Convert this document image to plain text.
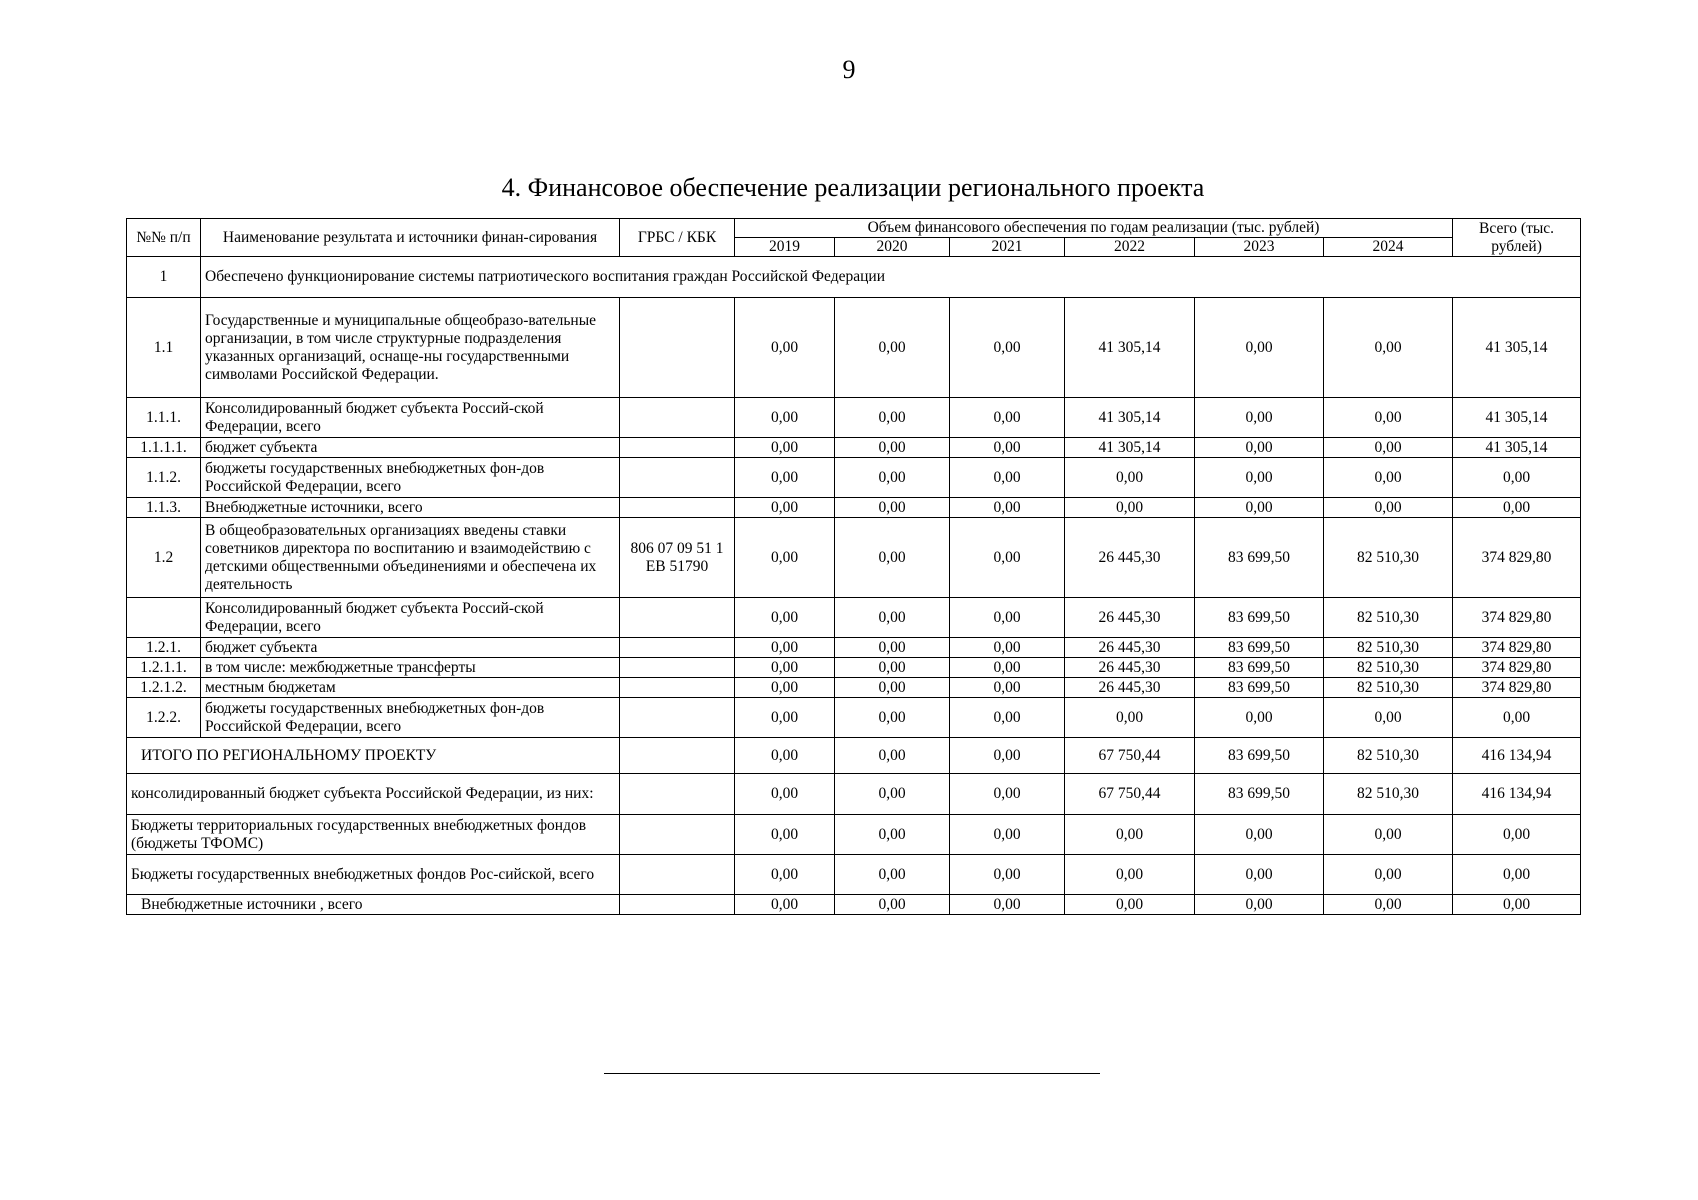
9
4. Финансовое обеспечение реализации регионального проекта
№№ п/п	Наименование результата и источники финан-сирования	ГРБС / КБК	Объем финансового обеспечения по годам реализации (тыс. рублей)						Всего (тыс. рублей)
			2019	2020	2021	2022	2023	2024	
1	Обеспечено функционирование системы патриотического воспитания граждан Российской Федерации								
1.1	Государственные и муниципальные общеобразо-вательные организации, в том числе структурные подразделения указанных организаций, оснаще-ны государственными символами Российской Федерации.		0,00	0,00	0,00	41 305,14	0,00	0,00	41 305,14
1.1.1.	Консолидированный бюджет субъекта Россий-ской Федерации, всего		0,00	0,00	0,00	41 305,14	0,00	0,00	41 305,14
1.1.1.1.	бюджет субъекта		0,00	0,00	0,00	41 305,14	0,00	0,00	41 305,14
1.1.2.	бюджеты государственных внебюджетных фон-дов Российской Федерации, всего		0,00	0,00	0,00	0,00	0,00	0,00	0,00
1.1.3.	Внебюджетные источники, всего		0,00	0,00	0,00	0,00	0,00	0,00	0,00
1.2	В общеобразовательных организациях введены ставки советников директора по воспитанию и взаимодействию с детскими общественными объединениями и обеспечена их деятельность	806 07 09 51 1 ЕВ 51790	0,00	0,00	0,00	26 445,30	83 699,50	82 510,30	374 829,80
	Консолидированный бюджет субъекта Россий-ской Федерации, всего		0,00	0,00	0,00	26 445,30	83 699,50	82 510,30	374 829,80
1.2.1.	бюджет субъекта		0,00	0,00	0,00	26 445,30	83 699,50	82 510,30	374 829,80
1.2.1.1.	в том числе: межбюджетные трансферты		0,00	0,00	0,00	26 445,30	83 699,50	82 510,30	374 829,80
1.2.1.2.	местным бюджетам		0,00	0,00	0,00	26 445,30	83 699,50	82 510,30	374 829,80
1.2.2.	бюджеты государственных внебюджетных фон-дов Российской Федерации, всего		0,00	0,00	0,00	0,00	0,00	0,00	0,00
ИТОГО ПО РЕГИОНАЛЬНОМУ ПРОЕКТУ			0,00	0,00	0,00	67 750,44	83 699,50	82 510,30	416 134,94
консолидированный бюджет субъекта Российской Федерации, из них:			0,00	0,00	0,00	67 750,44	83 699,50	82 510,30	416 134,94
Бюджеты территориальных государственных внебюджетных фондов (бюджеты ТФОМС)			0,00	0,00	0,00	0,00	0,00	0,00	0,00
Бюджеты государственных внебюджетных фондов Рос-сийской, всего			0,00	0,00	0,00	0,00	0,00	0,00	0,00
Внебюджетные источники , всего			0,00	0,00	0,00	0,00	0,00	0,00	0,00
